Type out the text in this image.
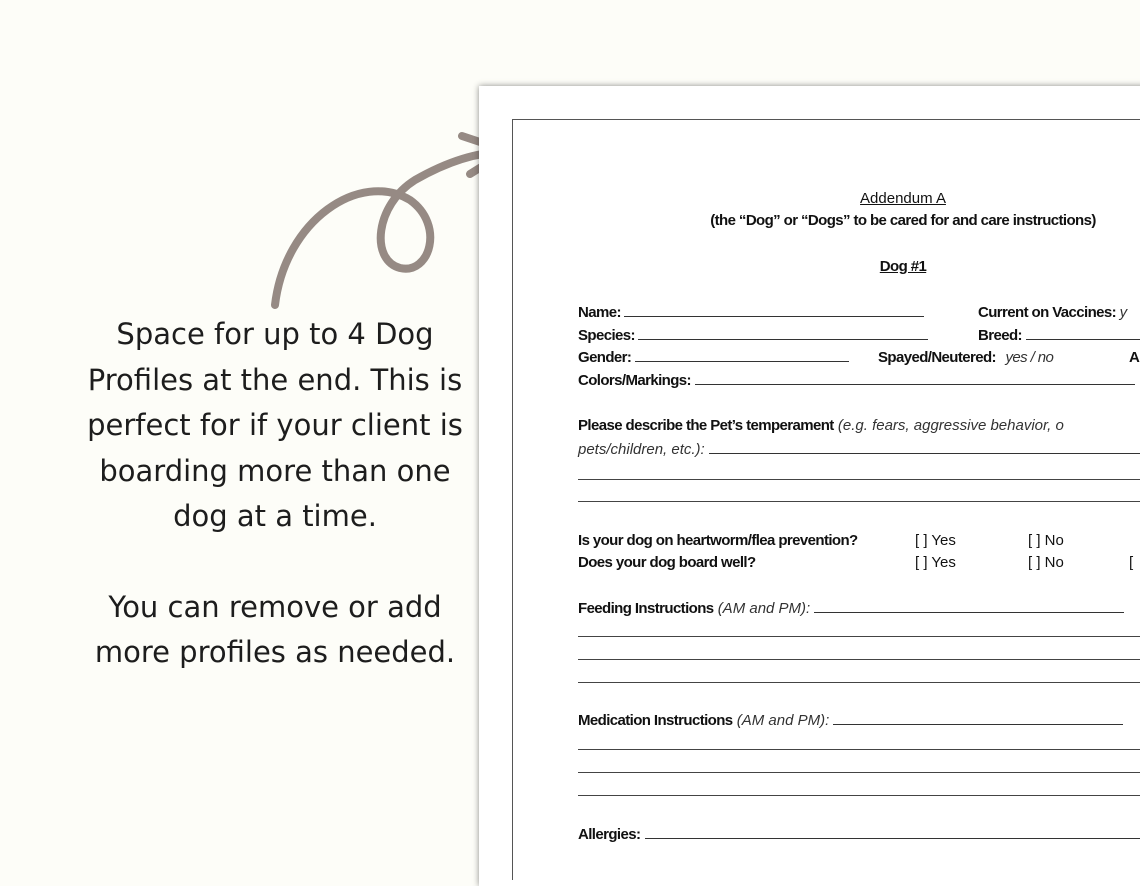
Space for up to 4 Dog Profiles at the end. This is perfect for if your client is boarding more than one dog at a time.

You can remove or add more profiles as needed.

Addendum A
(the “Dog” or “Dogs” to be cared for and care instructions)
Dog #1
Name:	Current on Vaccines: y
Species:	Breed:
Gender:	Spayed/Neutered: yes / no	A
Colors/Markings:
Please describe the Pet’s temperament (e.g. fears, aggressive behavior, o
pets/children, etc.):
Is your dog on heartworm/flea prevention?	[ ] Yes	[ ] No
Does your dog board well?	[ ] Yes	[ ] No	[
Feeding Instructions (AM and PM):
Medication Instructions (AM and PM):
Allergies:
